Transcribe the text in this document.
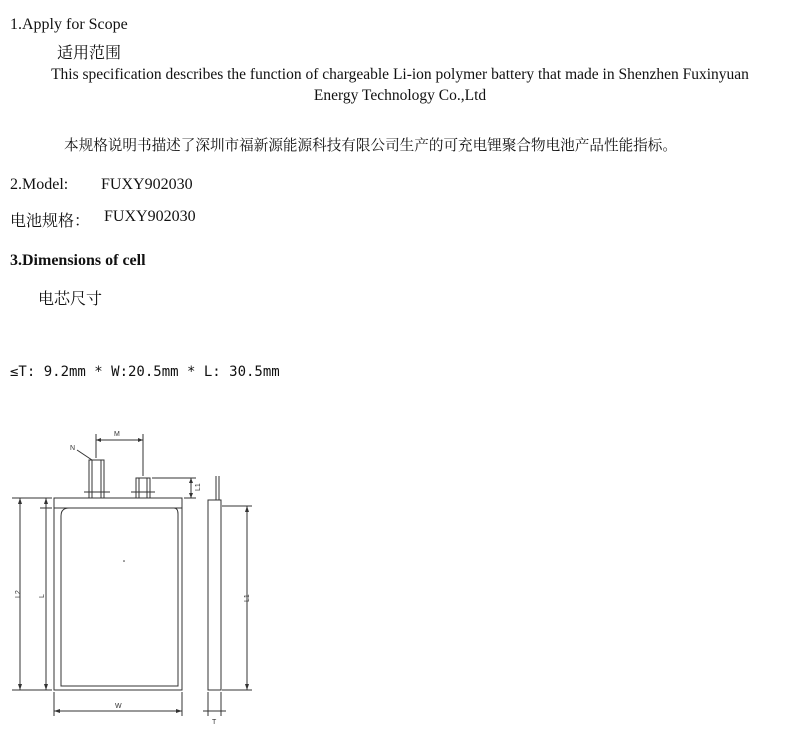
1.Apply for Scope
适用范围
This specification describes the function of chargeable Li-ion polymer battery that made in Shenzhen Fuxinyuan
Energy Technology Co.,Ltd
本规格说明书描述了深圳市福新源能源科技有限公司生产的可充电锂聚合物电池产品性能指标。
2.Model: FUXY902030
电池规格： FUXY902030
3.Dimensions of cell
电芯尺寸
≤T: 9.2mm * W:20.5mm * L: 30.5mm
M
N
L1
L2 L
W
L1
T
